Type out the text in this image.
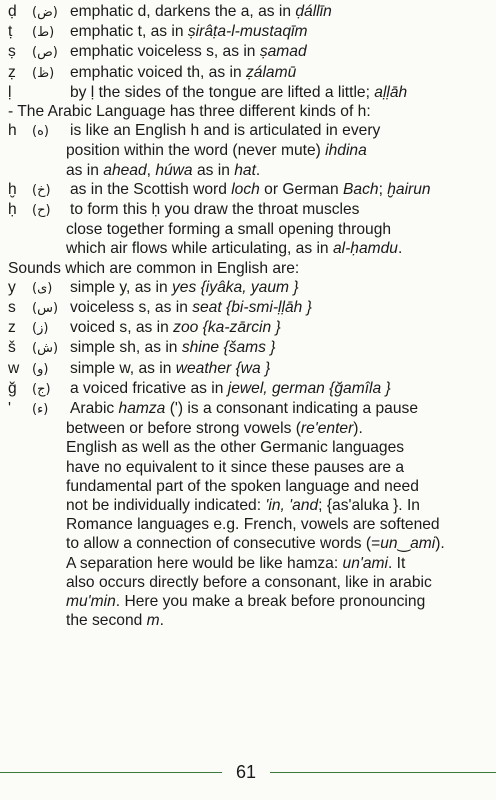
ḍ (ض) emphatic d, darkens the a, as in ḍállīn
ṭ (ط) emphatic t, as in ṣirâṭa-l-mustaqīm
ṣ (ص) emphatic voiceless s, as in ṣamad
ẓ (ظ) emphatic voiced th, as in ẓálamū
ḷ	by ḷ the sides of the tongue are lifted a little; aḷḷāh
- The Arabic Language has three different kinds of h:
h (ه) is like an English h and is articulated in every
position within the word (never mute) ihdina
as in ahead, húwa as in hat.
ḫ (خ) as in the Scottish word loch or German Bach; ḫairun
ḥ (ح) to form this ḥ you draw the throat muscles
close together forming a small opening through
which air flows while articulating, as in al-ḥamdu.
Sounds which are common in English are:
y (ى) simple y, as in yes {iyâka, yaum }
s (س) voiceless s, as in seat {bi-smi-ḷḷāh }
z (ز) voiced s, as in zoo {ka-zārcin }
š (ش) simple sh, as in shine {šams }
w (و) simple w, as in weather {wa }
ğ (ج) a voiced fricative as in jewel, german {ğamîla }
' (ء) Arabic hamza (') is a consonant indicating a pause
between or before strong vowels (re'enter).
English as well as the other Germanic languages
have no equivalent to it since these pauses are a
fundamental part of the spoken language and need
not be individually indicated: 'in, 'and; {as'aluka }. In
Romance languages e.g. French, vowels are softened
to allow a connection of consecutive words (=un‿ami).
A separation here would be like hamza: un'ami. It
also occurs directly before a consonant, like in arabic
mu'min. Here you make a break before pronouncing
the second m.
61
